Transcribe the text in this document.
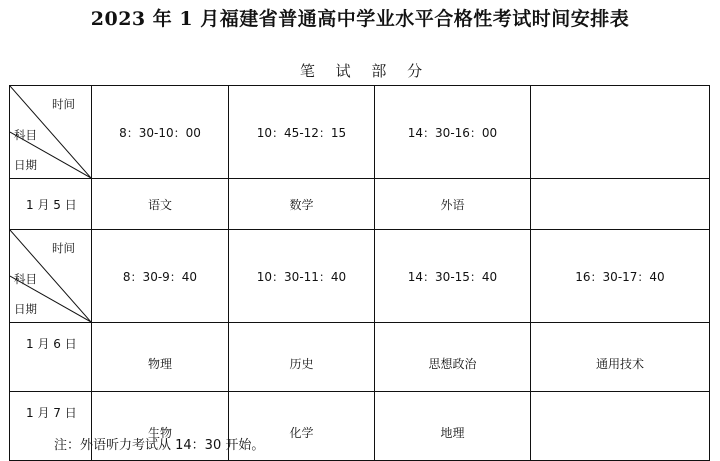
2023 年 1 月福建省普通高中学业水平合格性考试时间安排表
笔 试 部 分
时间
科目
日期	8：30-10：00	10：45-12：15	14：30-16：00	
1 月 5 日	语文	数学	外语	

时间
科目
日期	8：30-9：40	10：30-11：40	14：30-15：40	16：30-17：40
1 月 6 日	物理	历史	思想政治	通用技术
1 月 7 日	生物	化学	地理	
注：外语听力考试从 14：30 开始。
